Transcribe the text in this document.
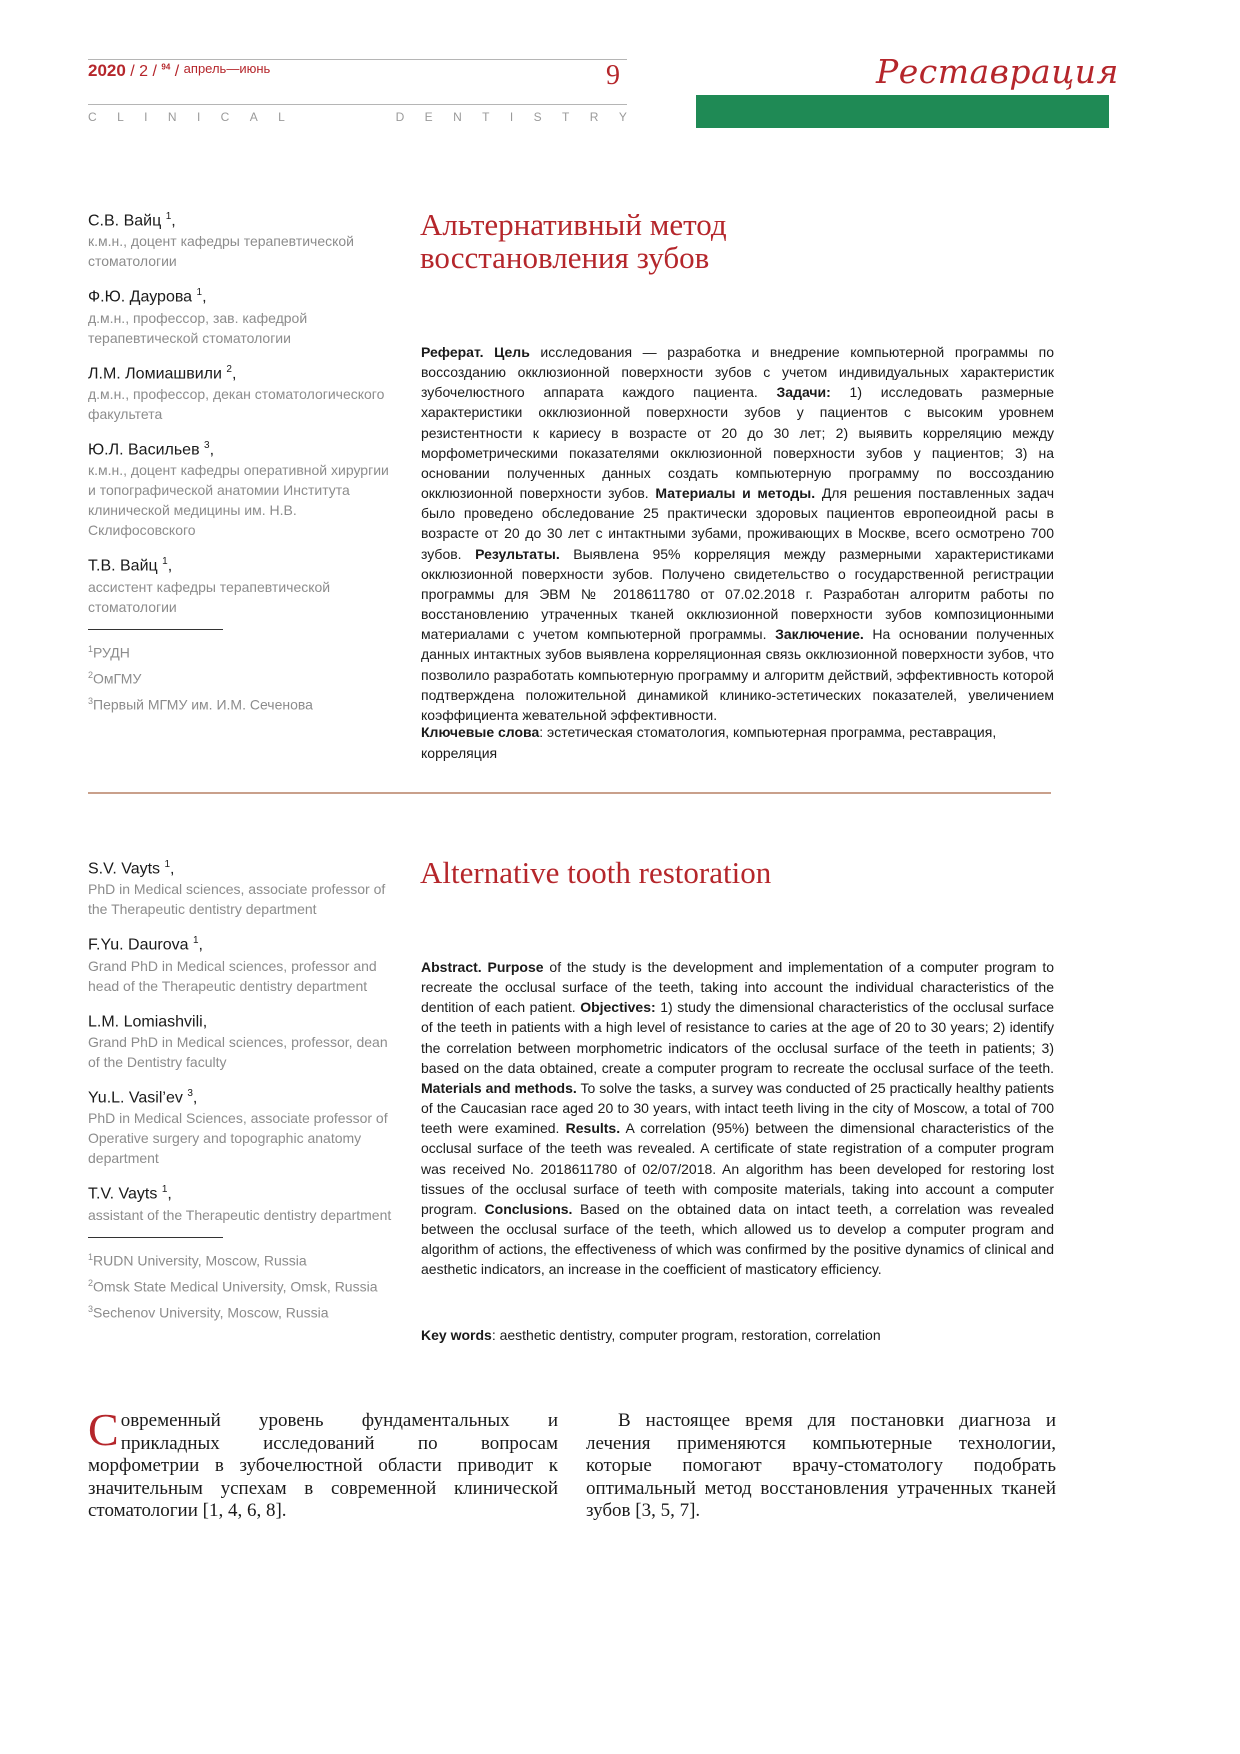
2020 / 2 / $^{94}$ / апрель—июнь	9
C L I N I C A L	D E N T I S T R Y
Реставрация
С.В. Вайц $^1$,
к.м.н., доцент кафедры терапевтической стоматологии
Ф.Ю. Даурова $^1$,
д.м.н., профессор, зав. кафедрой терапевтической стоматологии
Л.М. Ломиашвили $^2$,
д.м.н., профессор, декан стоматологического факультета
Ю.Л. Васильев $^3$,
к.м.н., доцент кафедры оперативной хирургии и топографической анатомии Института клинической медицины им. Н.В. Склифосовского
Т.В. Вайц $^1$,
ассистент кафедры терапевтической стоматологии
$^1$РУДН
$^2$ОмГМУ
$^3$Первый МГМУ им. И.М. Сеченова
Альтернативный метод
восстановления зубов
Реферат. Цель исследования — разработка и внедрение компьютерной программы по воссозданию окклюзионной поверхности зубов с учетом индивидуальных характеристик зубочелюстного аппарата каждого пациента. Задачи: 1) исследовать размерные характеристики окклюзионной поверхности зубов у пациентов с высоким уровнем резистентности к кариесу в возрасте от 20 до 30 лет; 2) выявить корреляцию между морфометрическими показателями окклюзионной поверхности зубов у пациентов; 3) на основании полученных данных создать компьютерную программу по воссозданию окклюзионной поверхности зубов. Материалы и методы. Для решения поставленных задач было проведено обследование 25 практически здоровых пациентов европеоидной расы в возрасте от 20 до 30 лет с интактными зубами, проживающих в Москве, всего осмотрено 700 зубов. Результаты. Выявлена 95% корреляция между размерными характеристиками окклюзионной поверхности зубов. Получено свидетельство о государственной регистрации программы для ЭВМ № 2018611780 от 07.02.2018 г. Разработан алгоритм работы по восстановлению утраченных тканей окклюзионной поверхности зубов композиционными материалами с учетом компьютерной программы. Заключение. На основании полученных данных интактных зубов выявлена корреляционная связь окклюзионной поверхности зубов, что позволило разработать компьютерную программу и алгоритм действий, эффективность которой подтверждена положительной динамикой клинико-эстетических показателей, увеличением коэффициента жевательной эффективности.
Ключевые слова: эстетическая стоматология, компьютерная программа, реставрация, корреляция
S.V. Vayts $^1$,
PhD in Medical sciences, associate professor of the Therapeutic dentistry department
F.Yu. Daurova $^1$,
Grand PhD in Medical sciences, professor and head of the Therapeutic dentistry department
L.M. Lomiashvili,
Grand PhD in Medical sciences, professor, dean of the Dentistry faculty
Yu.L. Vasil’ev $^3$,
PhD in Medical Sciences, associate professor of Operative surgery and topographic anatomy department
T.V. Vayts $^1$,
assistant of the Therapeutic dentistry department
$^1$RUDN University, Moscow, Russia
$^2$Omsk State Medical University, Omsk, Russia
$^3$Sechenov University, Moscow, Russia
Alternative tooth restoration
Abstract. Purpose of the study is the development and implementation of a computer program to recreate the occlusal surface of the teeth, taking into account the individual characteristics of the dentition of each patient. Objectives: 1) study the dimensional characteristics of the occlusal surface of the teeth in patients with a high level of resistance to caries at the age of 20 to 30 years; 2) identify the correlation between morphometric indicators of the occlusal surface of the teeth in patients; 3) based on the data obtained, create a computer program to recreate the occlusal surface of the teeth. Materials and methods. To solve the tasks, a survey was conducted of 25 practically healthy patients of the Caucasian race aged 20 to 30 years, with intact teeth living in the city of Moscow, a total of 700 teeth were examined. Results. A correlation (95%) between the dimensional characteristics of the occlusal surface of the teeth was revealed. A certificate of state registration of a computer program was received No. 2018611780 of 02/07/2018. An algorithm has been developed for restoring lost tissues of the occlusal surface of teeth with composite materials, taking into account a computer program. Conclusions. Based on the obtained data on intact teeth, a correlation was revealed between the occlusal surface of the teeth, which allowed us to develop a computer program and algorithm of actions, the effectiveness of which was confirmed by the positive dynamics of clinical and aesthetic indicators, an increase in the coefficient of masticatory efficiency.
Key words: aesthetic dentistry, computer program, restoration, correlation
Современный уровень фундаментальных и прикладных исследований по вопросам морфометрии в зубочелюстной области приводит к значительным успехам в современной клинической стоматологии [1, 4, 6, 8].

В настоящее время для постановки диагноза и лечения применяются компьютерные технологии, которые помогают врачу-стоматологу подобрать оптимальный метод восстановления утраченных тканей зубов [3, 5, 7].
